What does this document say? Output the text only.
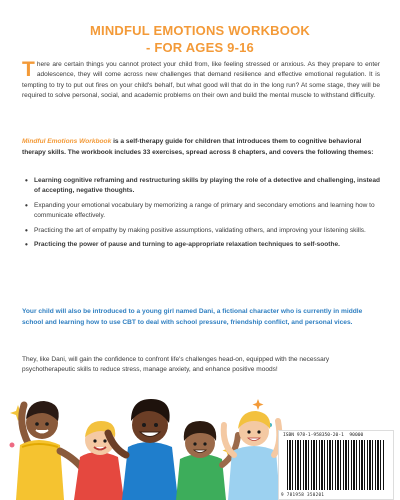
MINDFUL EMOTIONS WORKBOOK
- FOR AGES 9-16

There are certain things you cannot protect your child from, like feeling stressed or anxious. As they prepare to enter adolescence, they will come across new challenges that demand resilience and effective emotional regulation. It is tempting to try to put out fires on your child's behalf, but what good will that do in the long run? At some stage, they will be required to solve personal, social, and academic problems on their own and build the mental muscle to withstand difficulty.

Mindful Emotions Workbook is a self-therapy guide for children that introduces them to cognitive behavioral therapy skills. The workbook includes 33 exercises, spread across 8 chapters, and covers the following themes:

• Learning cognitive reframing and restructuring skills by playing the role of a detective and challenging, instead of accepting, negative thoughts.
• Expanding your emotional vocabulary by memorizing a range of primary and secondary emotions and learning how to communicate effectively.
• Practicing the art of empathy by making positive assumptions, validating others, and improving your listening skills.
• Practicing the power of pause and turning to age-appropriate relaxation techniques to self-soothe.

Your child will also be introduced to a young girl named Dani, a fictional character who is currently in middle school and learning how to use CBT to deal with school pressure, friendship conflict, and personal vices.

They, like Dani, will gain the confidence to confront life's challenges head-on, equipped with the necessary psychotherapeutic skills to reduce stress, manage anxiety, and enhance positive moods!

ISBN 978-1-958350-20-1 90000
9 781958 350201
